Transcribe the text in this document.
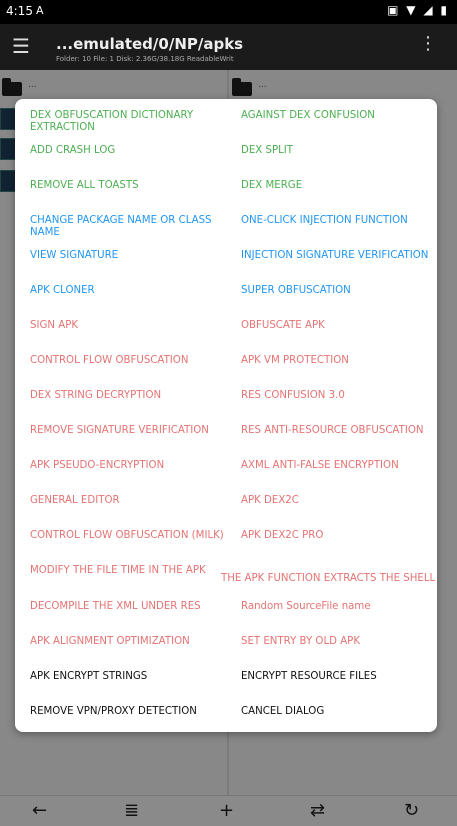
4:15 A	▣ ▼ ◢ ▮
☰ ...emulated/0/NP/apks
Folder: 10 File: 1 Disk: 2.36G/38.18G ReadableWrit
⋮
...	...
DEX OBFUSCATION DICTIONARY EXTRACTION
ADD CRASH LOG
REMOVE ALL TOASTS
CHANGE PACKAGE NAME OR CLASS NAME
VIEW SIGNATURE
APK CLONER
SIGN APK
CONTROL FLOW OBFUSCATION
DEX STRING DECRYPTION
REMOVE SIGNATURE VERIFICATION
APK PSEUDO-ENCRYPTION
GENERAL EDITOR
CONTROL FLOW OBFUSCATION (MILK)
MODIFY THE FILE TIME IN THE APK
DECOMPILE THE XML UNDER RES
APK ALIGNMENT OPTIMIZATION
APK ENCRYPT STRINGS
REMOVE VPN/PROXY DETECTION
AGAINST DEX CONFUSION
DEX SPLIT
DEX MERGE
ONE-CLICK INJECTION FUNCTION
INJECTION SIGNATURE VERIFICATION
SUPER OBFUSCATION
OBFUSCATE APK
APK VM PROTECTION
RES CONFUSION 3.0
RES ANTI-RESOURCE OBFUSCATION
AXML ANTI-FALSE ENCRYPTION
APK DEX2C
APK DEX2C PRO
THE APK FUNCTION EXTRACTS THE SHELL
Random SourceFile name
SET ENTRY BY OLD APK
ENCRYPT RESOURCE FILES
CANCEL DIALOG
←	≣	+	⇄	↻
